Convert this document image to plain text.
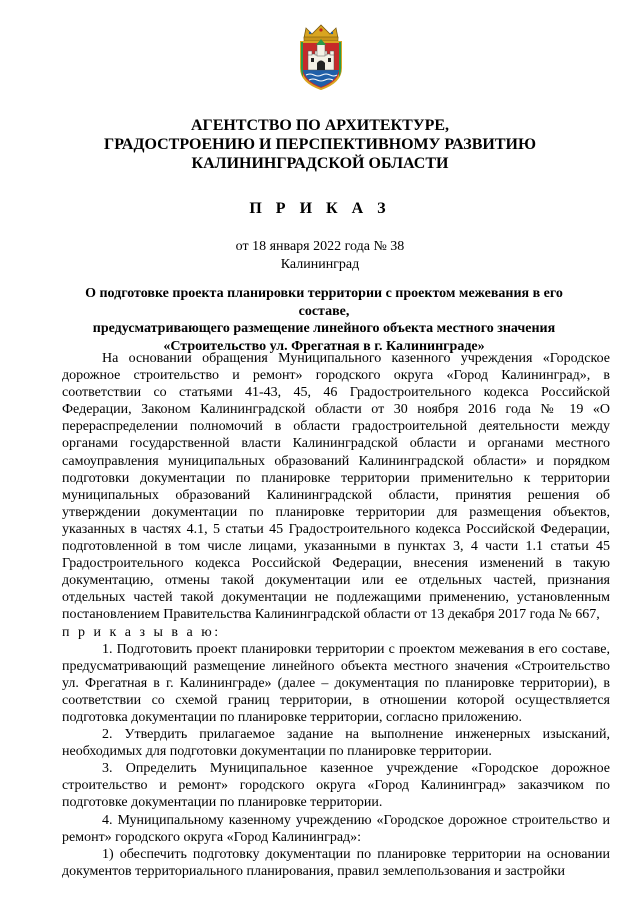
АГЕНТСТВО ПО АРХИТЕКТУРЕ,
ГРАДОСТРОЕНИЮ И ПЕРСПЕКТИВНОМУ РАЗВИТИЮ
КАЛИНИНГРАДСКОЙ ОБЛАСТИ
П Р И К А З
от 18 января 2022 года № 38
Калининград
О подготовке проекта планировки территории с проектом межевания в его составе,
предусматривающего размещение линейного объекта местного значения
«Строительство ул. Фрегатная в г. Калининграде»

На основании обращения Муниципального казенного учреждения «Городское дорожное строительство и ремонт» городского округа «Город Калининград», в соответствии со статьями 41-43, 45, 46 Градостроительного кодекса Российской Федерации, Законом Калининградской области от 30 ноября 2016 года № 19 «О перераспределении полномочий в области градостроительной деятельности между органами государственной власти Калининградской области и органами местного самоуправления муниципальных образований Калининградской области» и порядком подготовки документации по планировке территории применительно к территории муниципальных образований Калининградской области, принятия решения об утверждении документации по планировке территории для размещения объектов, указанных в частях 4.1, 5 статьи 45 Градостроительного кодекса Российской Федерации, подготовленной в том числе лицами, указанными в пунктах 3, 4 части 1.1 статьи 45 Градостроительного кодекса Российской Федерации, внесения изменений в такую документацию, отмены такой документации или ее отдельных частей, признания отдельных частей такой документации не подлежащими применению, установленным постановлением Правительства Калининградской области от 13 декабря 2017 года № 667,

п р и к а з ы в а ю:

1. Подготовить проект планировки территории с проектом межевания в его составе, предусматривающий размещение линейного объекта местного значения «Строительство ул. Фрегатная в г. Калининграде» (далее – документация по планировке территории), в соответствии со схемой границ территории, в отношении которой осуществляется подготовка документации по планировке территории, согласно приложению.

2. Утвердить прилагаемое задание на выполнение инженерных изысканий, необходимых для подготовки документации по планировке территории.

3. Определить Муниципальное казенное учреждение «Городское дорожное строительство и ремонт» городского округа «Город Калининград» заказчиком по подготовке документации по планировке территории.

4. Муниципальному казенному учреждению «Городское дорожное строительство и ремонт» городского округа «Город Калининград»:

1) обеспечить подготовку документации по планировке территории на основании документов территориального планирования, правил землепользования и застройки
